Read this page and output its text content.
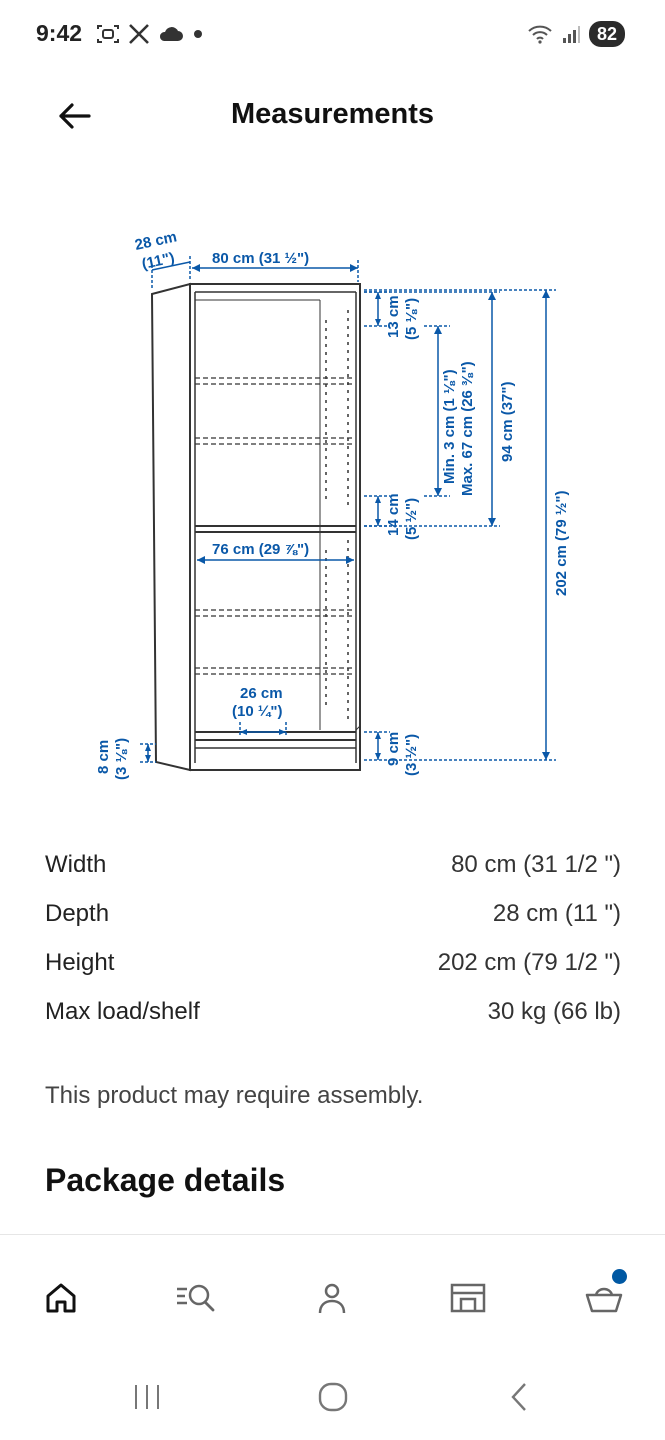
9:42	82
Measurements
28 cm
(11") 80 cm (31 ½")
76 cm (29 ⅞")
26 cm
(10 ¼")
8 cm (3 ⅛")
13 cm (5 ⅛")
14 cm (5 ½")
Min. 3 cm (1 ⅛") Max. 67 cm (26 ⅜") 94 cm (37")
202 cm (79 ½")
9 cm (3 ½")
Width	80 cm (31 1/2 ")
Depth	28 cm (11 ")
Height	202 cm (79 1/2 ")
Max load/shelf	30 kg (66 lb)
This product may require assembly.
Package details
